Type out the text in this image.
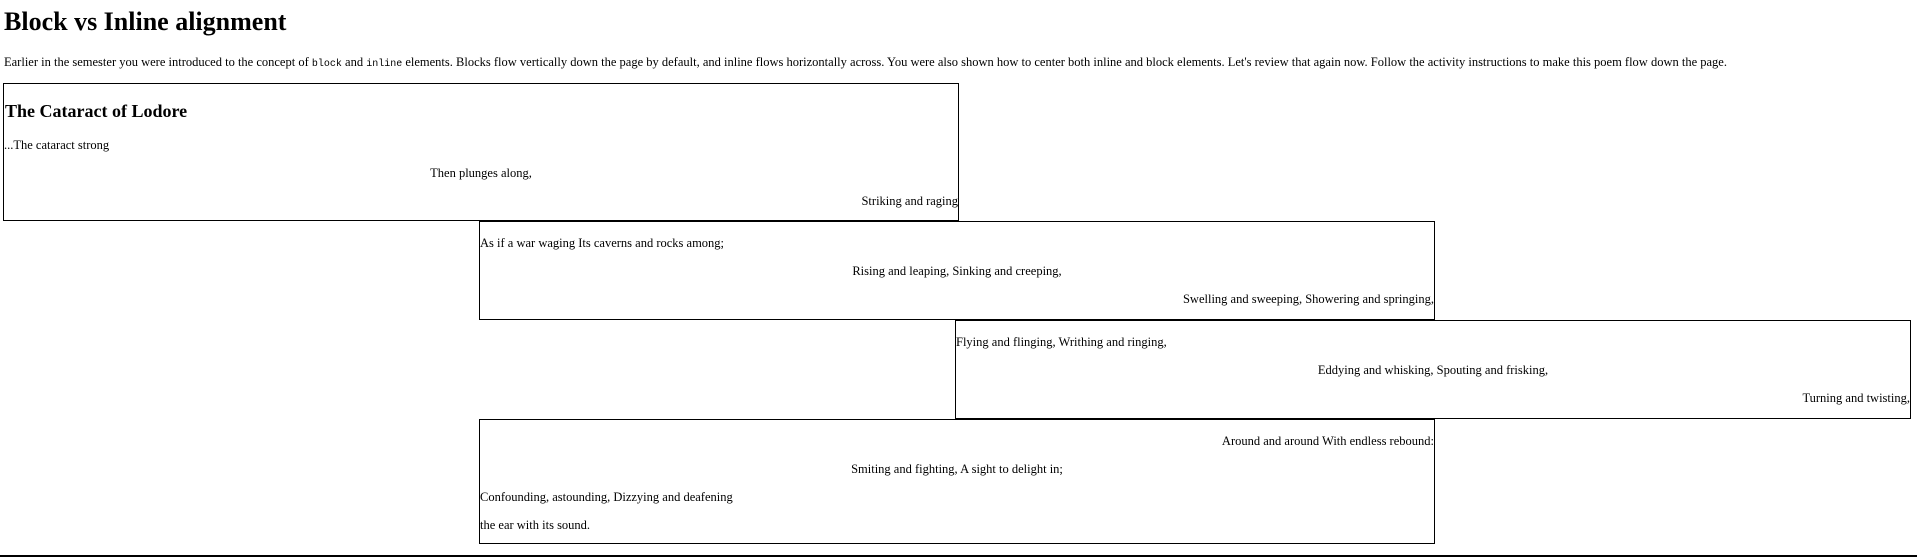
Block vs Inline alignment

Earlier in the semester you were introduced to the concept of block and inline elements. Blocks flow vertically down the page by default, and inline flows horizontally across. You were also shown how to center both inline and block elements. Let's review that again now. Follow the activity instructions to make this poem flow down the page.

The Cataract of Lodore
...The cataract strong
Then plunges along,
Striking and raging
As if a war waging Its caverns and rocks among;
Rising and leaping, Sinking and creeping,
Swelling and sweeping, Showering and springing,
Flying and flinging, Writhing and ringing,
Eddying and whisking, Spouting and frisking,
Turning and twisting,
Around and around With endless rebound:
Smiting and fighting, A sight to delight in;
Confounding, astounding, Dizzying and deafening
the ear with its sound.
